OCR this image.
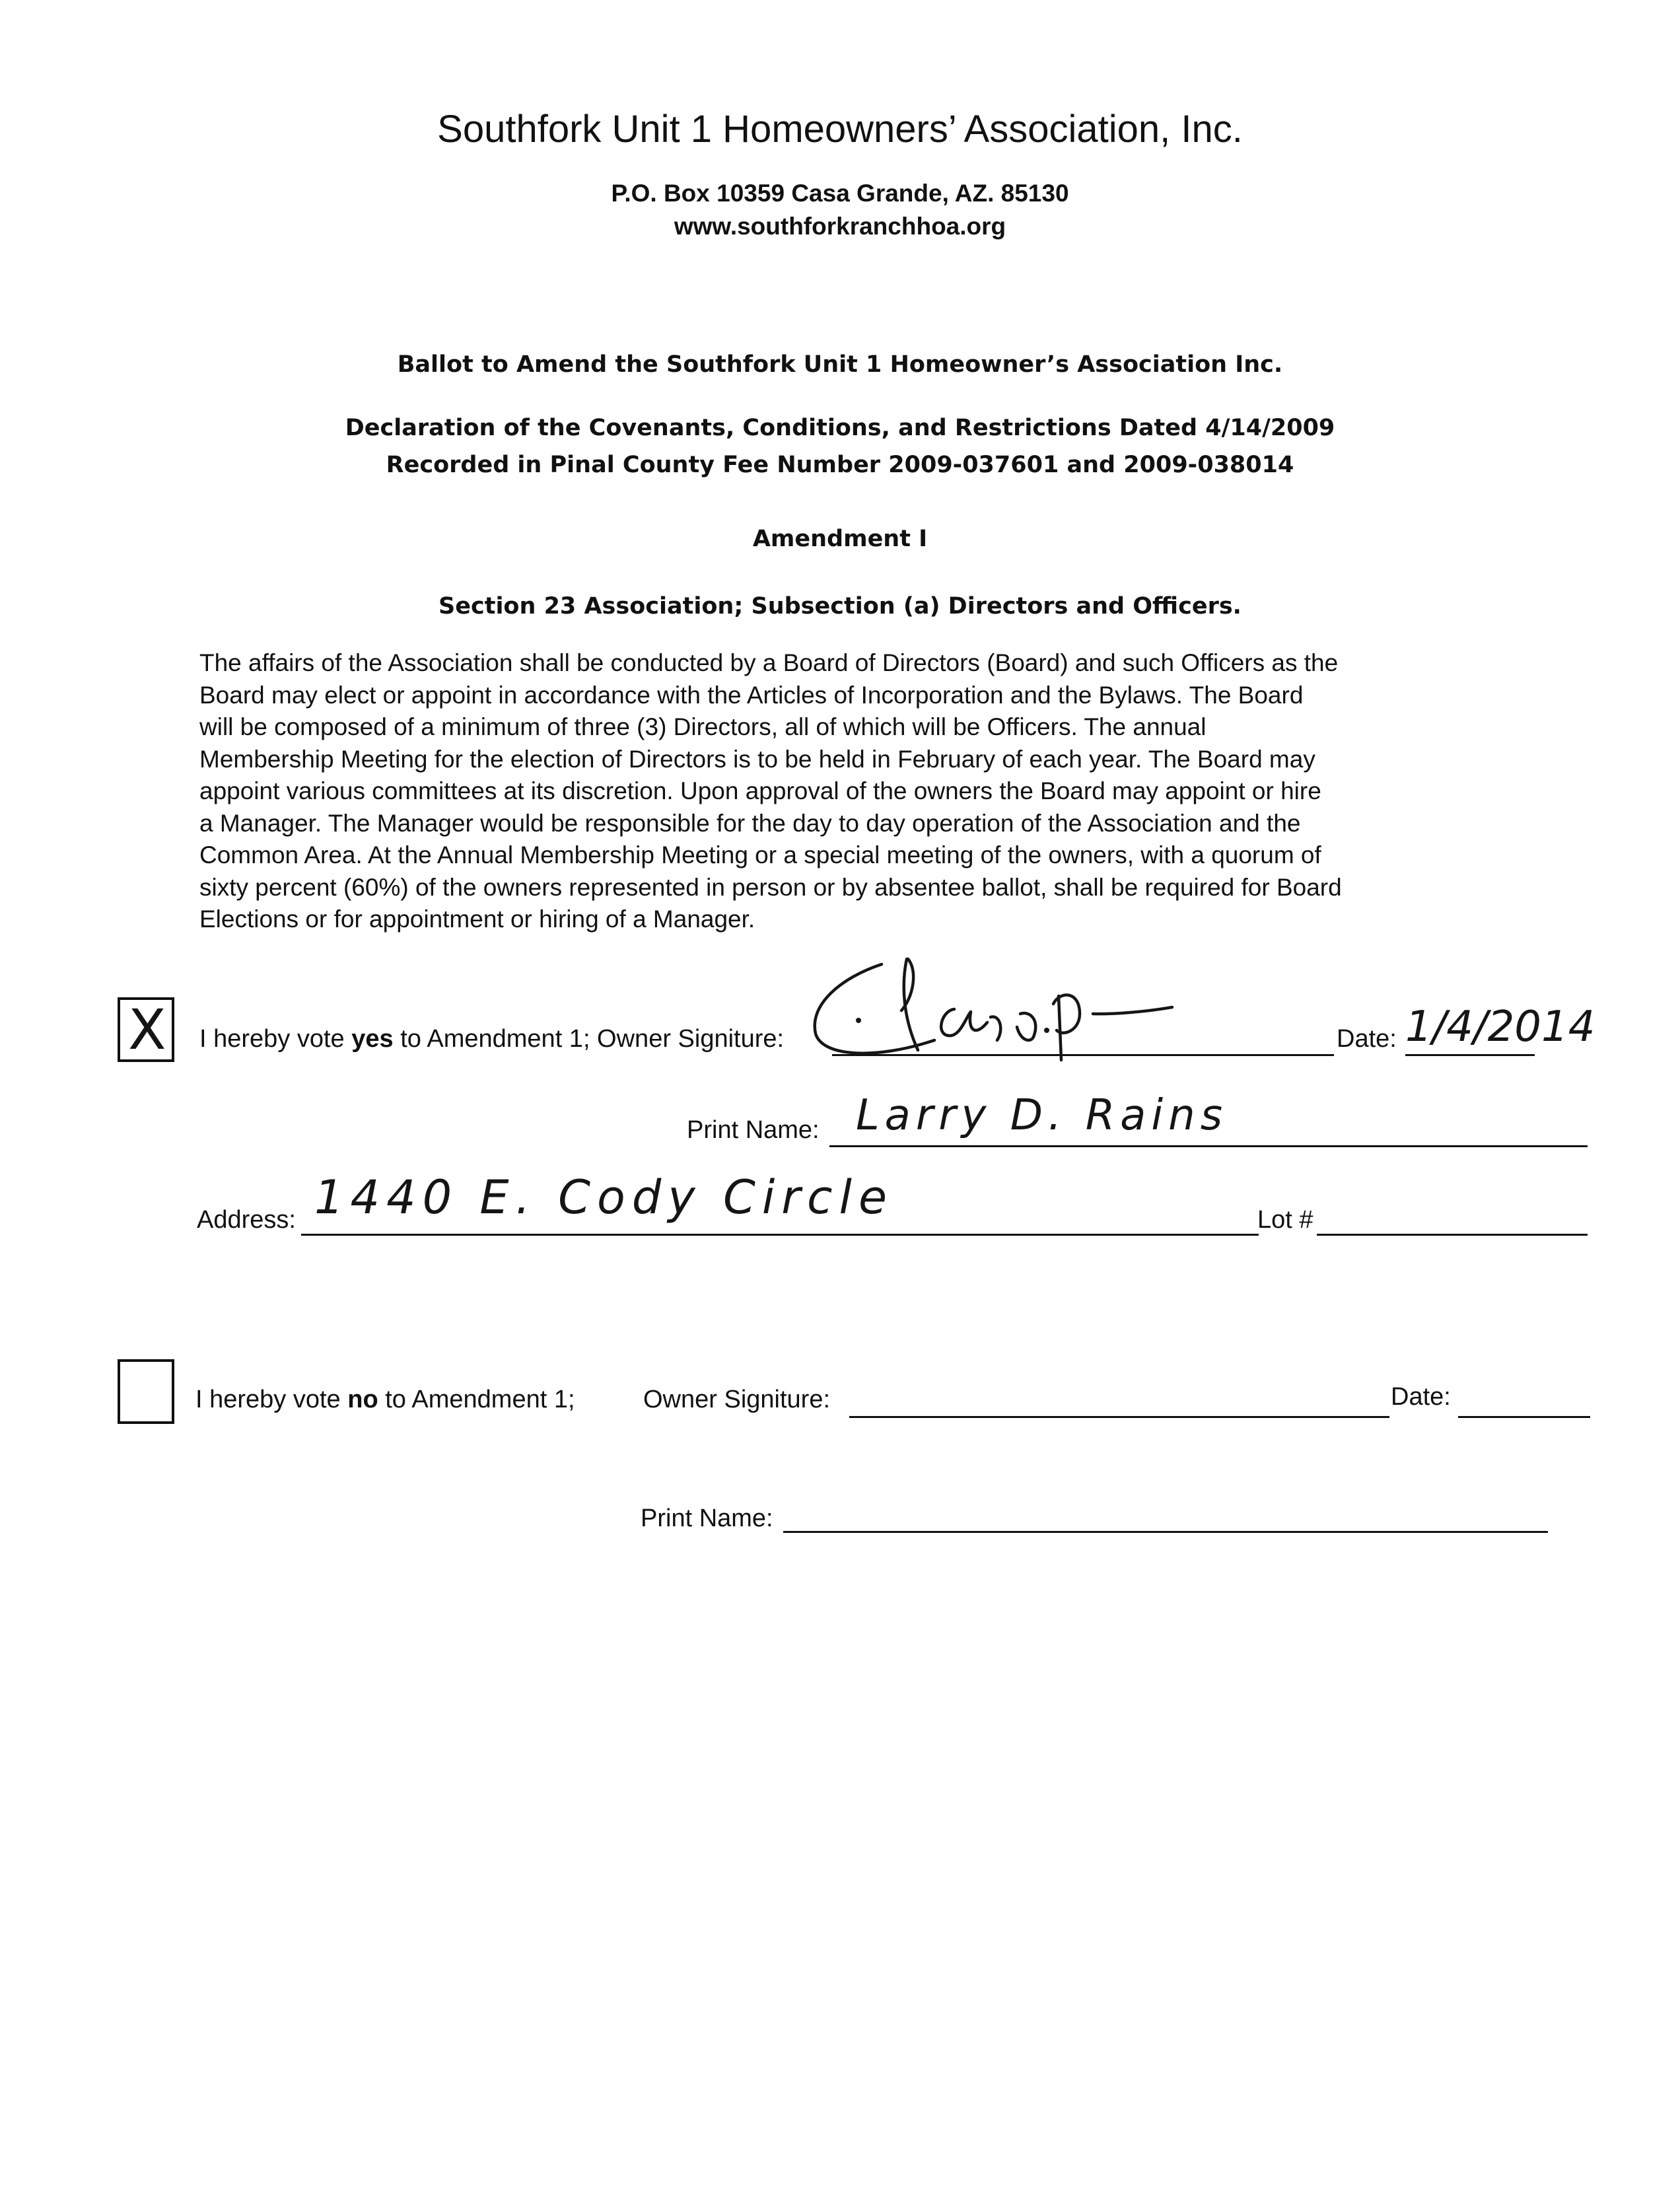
Southfork Unit 1 Homeowners’ Association, Inc.
P.O. Box 10359 Casa Grande, AZ. 85130
www.southforkranchhoa.org
Ballot to Amend the Southfork Unit 1 Homeowner’s Association Inc.
Declaration of the Covenants, Conditions, and Restrictions Dated 4/14/2009
Recorded in Pinal County Fee Number 2009-037601 and 2009-038014
Amendment I
Section 23 Association; Subsection (a) Directors and Officers.
The affairs of the Association shall be conducted by a Board of Directors (Board) and such Officers as the
Board may elect or appoint in accordance with the Articles of Incorporation and the Bylaws. The Board
will be composed of a minimum of three (3) Directors, all of which will be Officers. The annual
Membership Meeting for the election of Directors is to be held in February of each year. The Board may
appoint various committees at its discretion. Upon approval of the owners the Board may appoint or hire
a Manager. The Manager would be responsible for the day to day operation of the Association and the
Common Area. At the Annual Membership Meeting or a special meeting of the owners, with a quorum of
sixty percent (60%) of the owners represented in person or by absentee ballot, shall be required for Board
Elections or for appointment or hiring of a Manager.
X I hereby vote yes to Amendment 1; Owner Signiture:	Date: 1/4/2014
Print Name: Larry D. Rains
Address: 1440 E. Cody Circle	Lot #
I hereby vote no to Amendment 1;	Owner Signiture:	Date:
Print Name:
